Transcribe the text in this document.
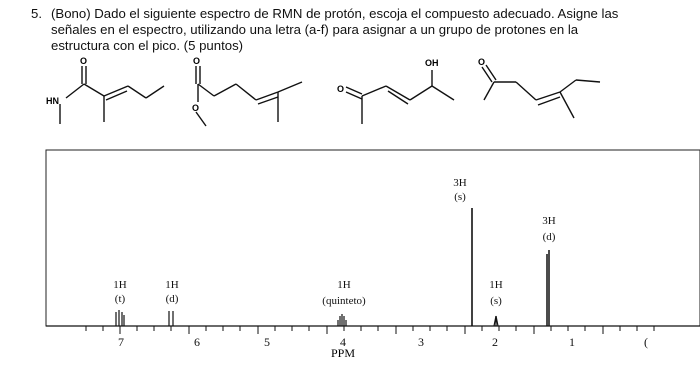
5. (Bono) Dado el siguiente espectro de RMN de protón, escoja el compuesto adecuado. Asigne las
señales en el espectro, utilizando una letra (a-f) para asignar a un grupo de protones en la
estructura con el pico. (5 puntos)
O
HN
O
O
O
OH	O
7	6	5	4	3	2	1	(
PPM
1H
(t)
1H
(d)
1H
(quinteto)
3H
(s)
1H
(s)
3H
(d)
